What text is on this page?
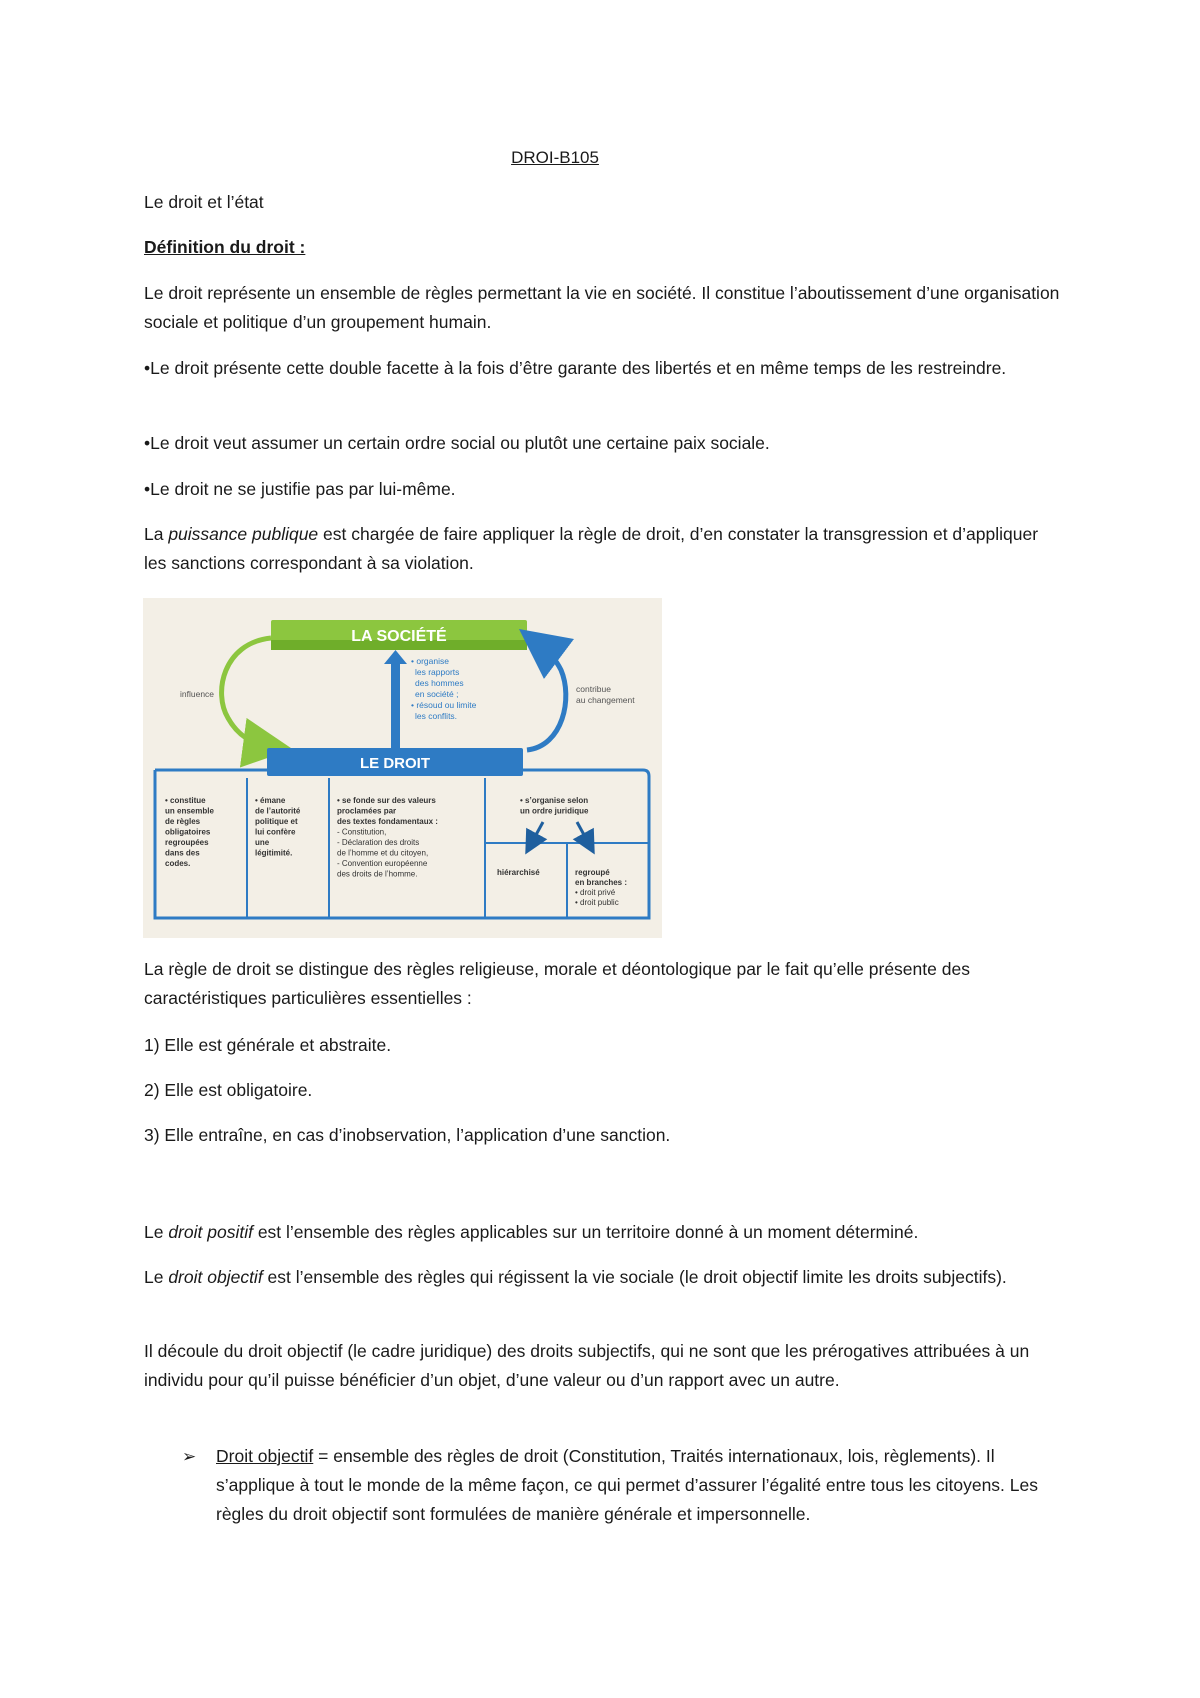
DROI-B105
Le droit et l’état
Définition du droit :
Le droit représente un ensemble de règles permettant la vie en société. Il constitue l’aboutissement d’une organisation sociale et politique d’un groupement humain.
•Le droit présente cette double facette à la fois d’être garante des libertés et en même temps de les restreindre.
•Le droit veut assumer un certain ordre social ou plutôt une certaine paix sociale.
•Le droit ne se justifie pas par lui-même.
La puissance publique est chargée de faire appliquer la règle de droit, d’en constater la transgression et d’appliquer les sanctions correspondant à sa violation.
LA SOCIÉTÉ
influence	contribue au changement
• organise les rapports des hommes en société ; • résoud ou limite les conflits.
LE DROIT
• constitue un ensemble de règles obligatoires regroupées dans des codes.
• émane de l’autorité politique et lui confère une légitimité.
• se fonde sur des valeurs proclamées par des textes fondamentaux : - Constitution, - Déclaration des droits de l’homme et du citoyen, - Convention européenne des droits de l’homme.
• s’organise selon un ordre juridique
hiérarchisé	regroupé en branches : • droit privé • droit public
La règle de droit se distingue des règles religieuse, morale et déontologique par le fait qu’elle présente des caractéristiques particulières essentielles :
1) Elle est générale et abstraite.
2) Elle est obligatoire.
3) Elle entraîne, en cas d’inobservation, l’application d’une sanction.
Le droit positif est l’ensemble des règles applicables sur un territoire donné à un moment déterminé.
Le droit objectif est l’ensemble des règles qui régissent la vie sociale (le droit objectif limite les droits subjectifs).
Il découle du droit objectif (le cadre juridique) des droits subjectifs, qui ne sont que les prérogatives attribuées à un individu pour qu’il puisse bénéficier d’un objet, d’une valeur ou d’un rapport avec un autre.
➢ Droit objectif = ensemble des règles de droit (Constitution, Traités internationaux, lois, règlements). Il s’applique à tout le monde de la même façon, ce qui permet d’assurer l’égalité entre tous les citoyens. Les règles du droit objectif sont formulées de manière générale et impersonnelle.
